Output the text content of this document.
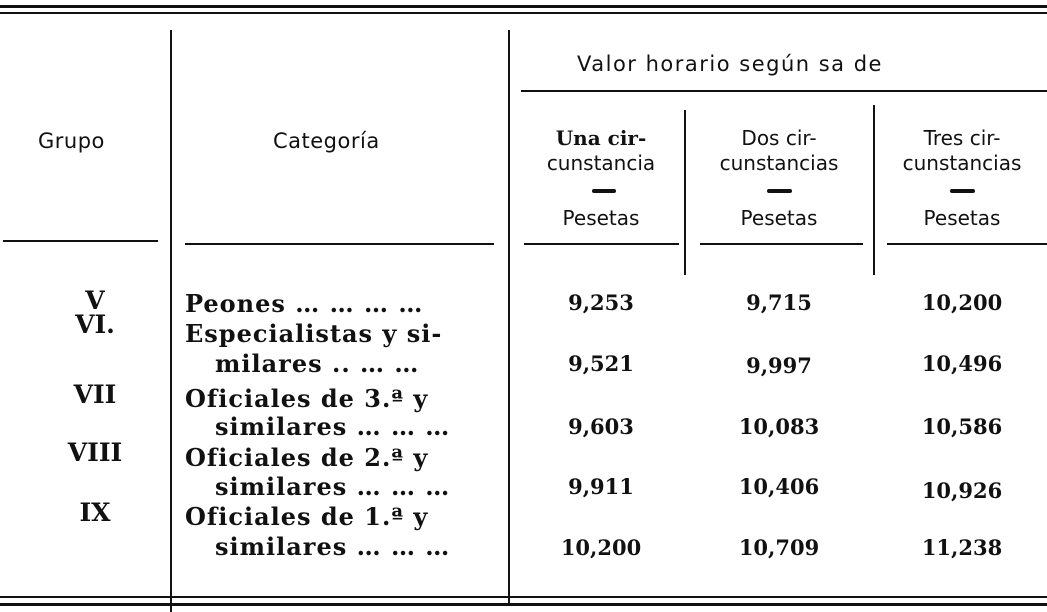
Grupo	Categoría
Valor horario según sa de
Una cir-
cunstancia
Pesetas
Dos cir-
cunstancias
Pesetas
Tres cir-
cunstancias
Pesetas
V	Peones … … … …	9,253	9,715	10,200
VI.	Especialistas y si-
milares .. … …	9,521	9,997	10,496
VII	Oficiales de 3.ª y
similares … … …	9,603	10,083	10,586
VIII	Oficiales de 2.ª y
similares … … …	9,911	10,406	10,926
IX	Oficiales de 1.ª y
similares … … …	10,200	10,709	11,238
